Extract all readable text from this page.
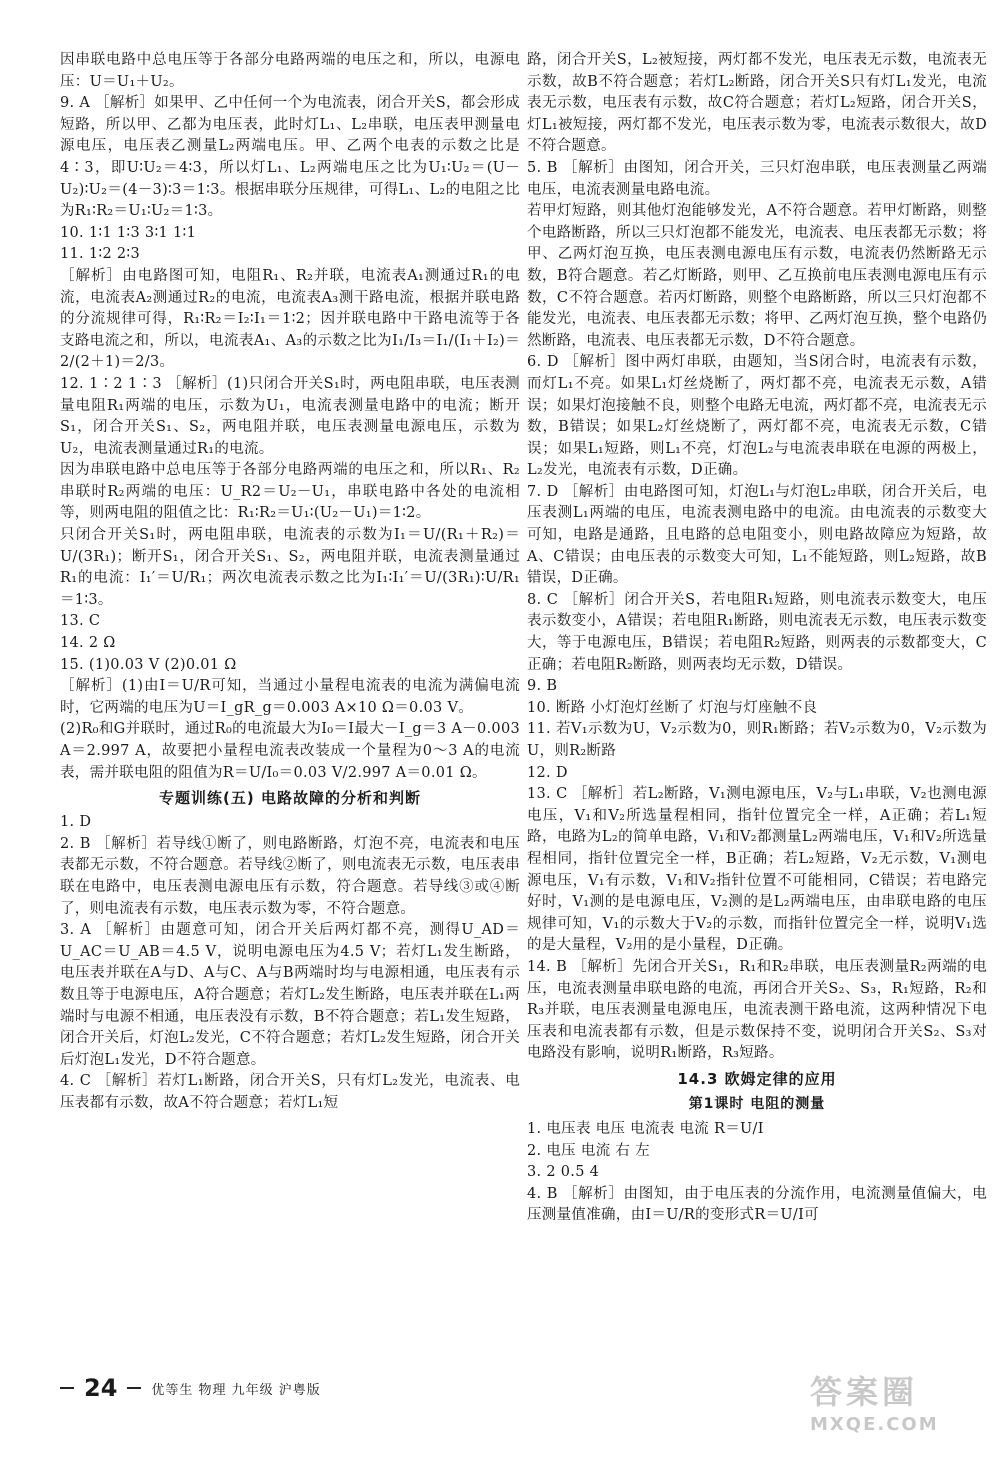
因串联电路中总电压等于各部分电路两端的电压之和，所以，电源电压：U＝U₁＋U₂。

9. A ［解析］如果甲、乙中任何一个为电流表，闭合开关S，都会形成短路，所以甲、乙都为电压表，此时灯L₁、L₂串联，电压表甲测量电源电压，电压表乙测量L₂两端电压。甲、乙两个电表的示数之比是4∶3，即U∶U₂＝4∶3，所以灯L₁、L₂两端电压之比为U₁∶U₂＝(U－U₂)∶U₂＝(4－3)∶3＝1∶3。根据串联分压规律，可得L₁、L₂的电阻之比为R₁∶R₂＝U₁∶U₂＝1∶3。

10. 1∶1 1∶3 3∶1 1∶1

11. 1∶2 2∶3

［解析］由电路图可知，电阻R₁、R₂并联，电流表A₁测通过R₁的电流，电流表A₂测通过R₂的电流，电流表A₃测干路电流，根据并联电路的分流规律可得，R₁∶R₂＝I₂∶I₁＝1∶2；因并联电路中干路电流等于各支路电流之和，所以，电流表A₁、A₃的示数之比为I₁/I₃＝I₁/(I₁＋I₂)＝2/(2＋1)＝2/3。

12. 1∶2 1∶3 ［解析］(1)只闭合开关S₁时，两电阻串联，电压表测量电阻R₁两端的电压，示数为U₁，电流表测量电路中的电流；断开S₁，闭合开关S₁、S₂，两电阻并联，电压表测量电源电压，示数为U₂，电流表测量通过R₁的电流。

因为串联电路中总电压等于各部分电路两端的电压之和，所以R₁、R₂串联时R₂两端的电压：U_R2＝U₂－U₁，串联电路中各处的电流相等，则两电阻的阻值之比：R₁∶R₂＝U₁∶(U₂－U₁)＝1∶2。

只闭合开关S₁时，两电阻串联，电流表的示数为I₁＝U/(R₁＋R₂)＝U/(3R₁)；断开S₁，闭合开关S₁、S₂，两电阻并联，电流表测量通过R₁的电流：I₁′＝U/R₁；两次电流表示数之比为I₁∶I₁′＝U/(3R₁)∶U/R₁＝1∶3。

13. C

14. 2 Ω

15. (1)0.03 V (2)0.01 Ω

［解析］(1)由I＝U/R可知，当通过小量程电流表的电流为满偏电流时，它两端的电压为U＝I_gR_g＝0.003 A×10 Ω＝0.03 V。

(2)R₀和G并联时，通过R₀的电流最大为I₀＝I最大－I_g＝3 A－0.003 A＝2.997 A，故要把小量程电流表改装成一个量程为0～3 A的电流表，需并联电阻的阻值为R＝U/I₀＝0.03 V/2.997 A＝0.01 Ω。

专题训练(五) 电路故障的分析和判断

1. D

2. B ［解析］若导线①断了，则电路断路，灯泡不亮，电流表和电压表都无示数，不符合题意。若导线②断了，则电流表无示数，电压表串联在电路中，电压表测电源电压有示数，符合题意。若导线③或④断了，则电流表有示数，电压表示数为零，不符合题意。

3. A ［解析］由题意可知，闭合开关后两灯都不亮，测得U_AD＝U_AC＝U_AB＝4.5 V，说明电源电压为4.5 V；若灯L₁发生断路，电压表并联在A与D、A与C、A与B两端时均与电源相通，电压表有示数且等于电源电压，A符合题意；若灯L₂发生断路，电压表并联在L₁两端时与电源不相通，电压表没有示数，B不符合题意；若L₁发生短路，闭合开关后，灯泡L₂发光，C不符合题意；若灯L₂发生短路，闭合开关后灯泡L₁发光，D不符合题意。

4. C ［解析］若灯L₁断路，闭合开关S，只有灯L₂发光，电流表、电压表都有示数，故A不符合题意；若灯L₁短

路，闭合开关S，L₂被短接，两灯都不发光，电压表无示数，电流表无示数，故B不符合题意；若灯L₂断路，闭合开关S只有灯L₁发光，电流表无示数，电压表有示数，故C符合题意；若灯L₂短路，闭合开关S，灯L₁被短接，两灯都不发光，电压表示数为零，电流表示数很大，故D不符合题意。

5. B ［解析］由图知，闭合开关，三只灯泡串联，电压表测量乙两端电压，电流表测量电路电流。

若甲灯短路，则其他灯泡能够发光，A不符合题意。若甲灯断路，则整个电路断路，所以三只灯泡都不能发光，电流表、电压表都无示数；将甲、乙两灯泡互换，电压表测电源电压有示数，电流表仍然断路无示数，B符合题意。若乙灯断路，则甲、乙互换前电压表测电源电压有示数，C不符合题意。若丙灯断路，则整个电路断路，所以三只灯泡都不能发光，电流表、电压表都无示数；将甲、乙两灯泡互换，整个电路仍然断路，电流表、电压表都无示数，D不符合题意。

6. D ［解析］图中两灯串联，由题知，当S闭合时，电流表有示数，而灯L₁不亮。如果L₁灯丝烧断了，两灯都不亮，电流表无示数，A错误；如果灯泡接触不良，则整个电路无电流，两灯都不亮，电流表无示数，B错误；如果L₂灯丝烧断了，两灯都不亮，电流表无示数，C错误；如果L₁短路，则L₁不亮，灯泡L₂与电流表串联在电源的两极上，L₂发光，电流表有示数，D正确。

7. D ［解析］由电路图可知，灯泡L₁与灯泡L₂串联，闭合开关后，电压表测L₁两端的电压，电流表测电路中的电流。由电流表的示数变大可知，电路是通路，且电路的总电阻变小，则电路故障应为短路，故A、C错误；由电压表的示数变大可知，L₁不能短路，则L₂短路，故B错误，D正确。

8. C ［解析］闭合开关S，若电阻R₁短路，则电流表示数变大，电压表示数变小，A错误；若电阻R₁断路，则电流表无示数，电压表示数变大，等于电源电压，B错误；若电阻R₂短路，则两表的示数都变大，C正确；若电阻R₂断路，则两表均无示数，D错误。

9. B

10. 断路 小灯泡灯丝断了 灯泡与灯座触不良

11. 若V₁示数为U，V₂示数为0，则R₁断路；若V₂示数为0，V₂示数为U，则R₂断路

12. D

13. C ［解析］若L₂断路，V₁测电源电压，V₂与L₁串联，V₂也测电源电压，V₁和V₂所选量程相同，指针位置完全一样，A正确；若L₁短路，电路为L₂的简单电路，V₁和V₂都测量L₂两端电压，V₁和V₂所选量程相同，指针位置完全一样，B正确；若L₂短路，V₂无示数，V₁测电源电压，V₁有示数，V₁和V₂指针位置不可能相同，C错误；若电路完好时，V₁测的是电源电压，V₂测的是L₂两端电压，由串联电路的电压规律可知，V₁的示数大于V₂的示数，而指针位置完全一样，说明V₁选的是大量程，V₂用的是小量程，D正确。

14. B ［解析］先闭合开关S₁，R₁和R₂串联，电压表测量R₂两端的电压，电流表测量串联电路的电流，再闭合开关S₂、S₃，R₁短路，R₂和R₃并联，电压表测量电源电压，电流表测干路电流，这两种情况下电压表和电流表都有示数，但是示数保持不变，说明闭合开关S₂、S₃对电路没有影响，说明R₁断路，R₃短路。

14.3 欧姆定律的应用
第1课时 电阻的测量

1. 电压表 电压 电流表 电流 R＝U/I

2. 电压 电流 右 左

3. 2 0.5 4

4. B ［解析］由图知，由于电压表的分流作用，电流测量值偏大，电压测量值准确，由I＝U/R的变形式R＝U/I可

24	优等生 物理 九年级 沪粤版	答案圈
MXQE.COM
